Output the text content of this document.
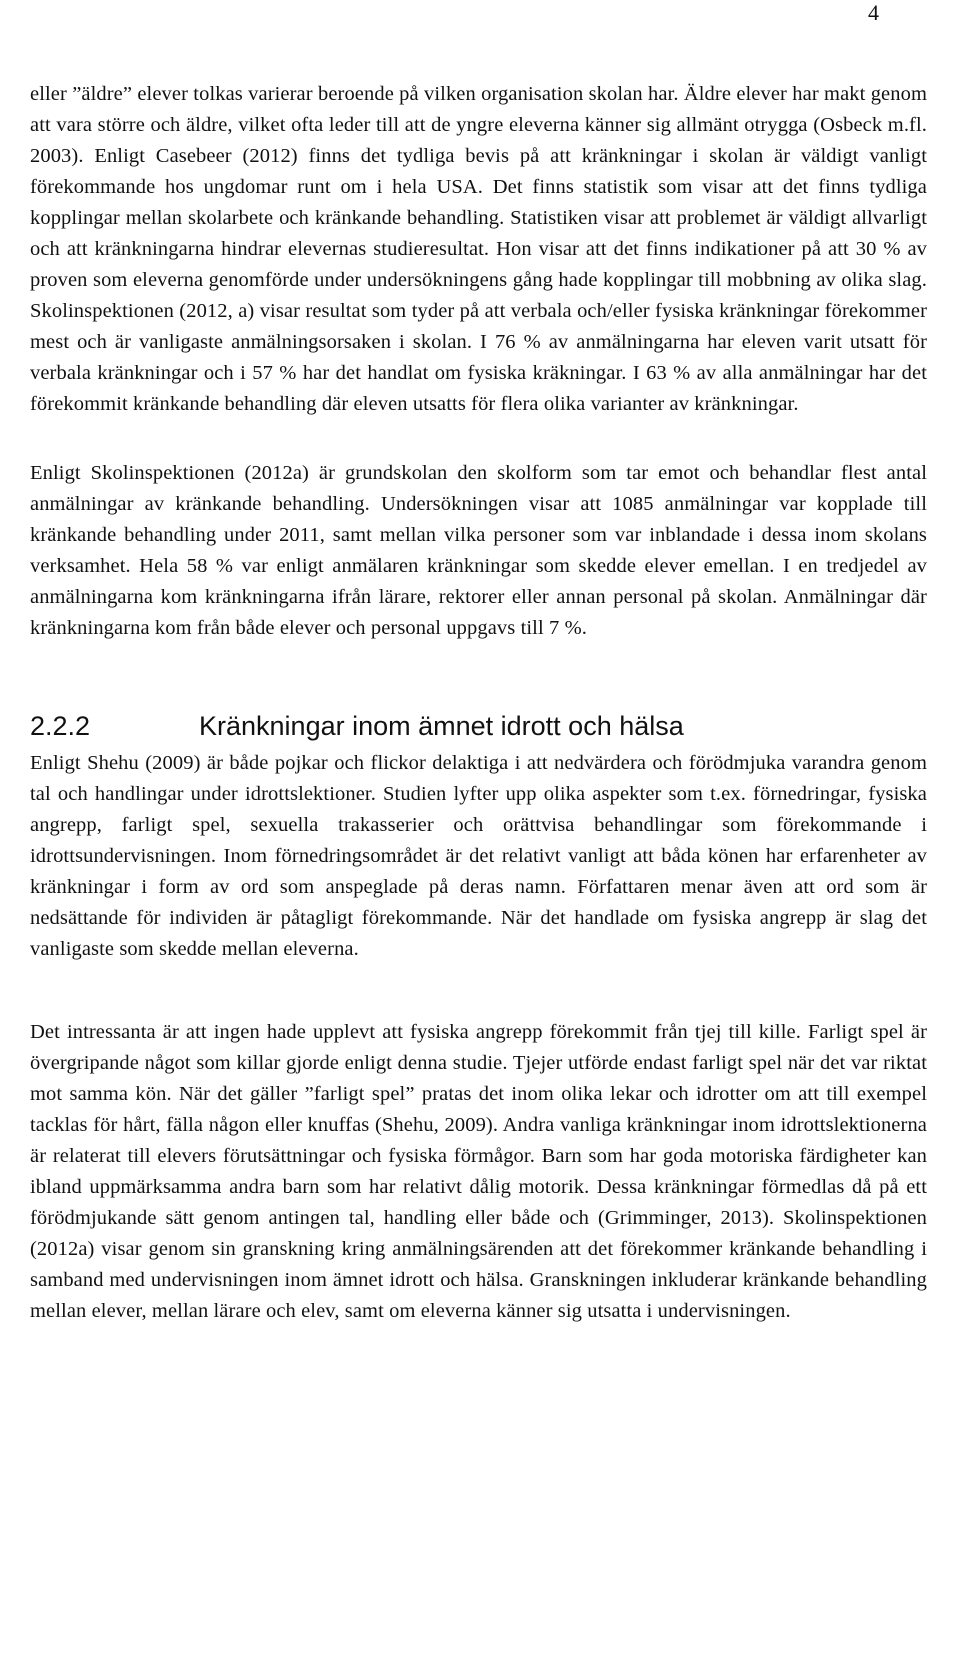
4

eller ”äldre” elever tolkas varierar beroende på vilken organisation skolan har. Äldre elever har makt genom att vara större och äldre, vilket ofta leder till att de yngre eleverna känner sig allmänt otrygga (Osbeck m.fl. 2003). Enligt Casebeer (2012) finns det tydliga bevis på att kränkningar i skolan är väldigt vanligt förekommande hos ungdomar runt om i hela USA. Det finns statistik som visar att det finns tydliga kopplingar mellan skolarbete och kränkande behandling. Statistiken visar att problemet är väldigt allvarligt och att kränkningarna hindrar elevernas studieresultat. Hon visar att det finns indikationer på att 30 % av proven som eleverna genomförde under undersökningens gång hade kopplingar till mobbning av olika slag. Skolinspektionen (2012, a) visar resultat som tyder på att verbala och/eller fysiska kränkningar förekommer mest och är vanligaste anmälningsorsaken i skolan. I 76 % av anmälningarna har eleven varit utsatt för verbala kränkningar och i 57 % har det handlat om fysiska kräkningar. I 63 % av alla anmälningar har det förekommit kränkande behandling där eleven utsatts för flera olika varianter av kränkningar.

Enligt Skolinspektionen (2012a) är grundskolan den skolform som tar emot och behandlar flest antal anmälningar av kränkande behandling. Undersökningen visar att 1085 anmälningar var kopplade till kränkande behandling under 2011, samt mellan vilka personer som var inblandade i dessa inom skolans verksamhet. Hela 58 % var enligt anmälaren kränkningar som skedde elever emellan. I en tredjedel av anmälningarna kom kränkningarna ifrån lärare, rektorer eller annan personal på skolan. Anmälningar där kränkningarna kom från både elever och personal uppgavs till 7 %.

2.2.2	Kränkningar inom ämnet idrott och hälsa

Enligt Shehu (2009) är både pojkar och flickor delaktiga i att nedvärdera och förödmjuka varandra genom tal och handlingar under idrottslektioner. Studien lyfter upp olika aspekter som t.ex. förnedringar, fysiska angrepp, farligt spel, sexuella trakasserier och orättvisa behandlingar som förekommande i idrottsundervisningen. Inom förnedringsområdet är det relativt vanligt att båda könen har erfarenheter av kränkningar i form av ord som anspeglade på deras namn. Författaren menar även att ord som är nedsättande för individen är påtagligt förekommande. När det handlade om fysiska angrepp är slag det vanligaste som skedde mellan eleverna.

Det intressanta är att ingen hade upplevt att fysiska angrepp förekommit från tjej till kille. Farligt spel är övergripande något som killar gjorde enligt denna studie. Tjejer utförde endast farligt spel när det var riktat mot samma kön. När det gäller ”farligt spel” pratas det inom olika lekar och idrotter om att till exempel tacklas för hårt, fälla någon eller knuffas (Shehu, 2009). Andra vanliga kränkningar inom idrottslektionerna är relaterat till elevers förutsättningar och fysiska förmågor. Barn som har goda motoriska färdigheter kan ibland uppmärksamma andra barn som har relativt dålig motorik. Dessa kränkningar förmedlas då på ett förödmjukande sätt genom antingen tal, handling eller både och (Grimminger, 2013). Skolinspektionen (2012a) visar genom sin granskning kring anmälningsärenden att det förekommer kränkande behandling i samband med undervisningen inom ämnet idrott och hälsa. Granskningen inkluderar kränkande behandling mellan elever, mellan lärare och elev, samt om eleverna känner sig utsatta i undervisningen.
